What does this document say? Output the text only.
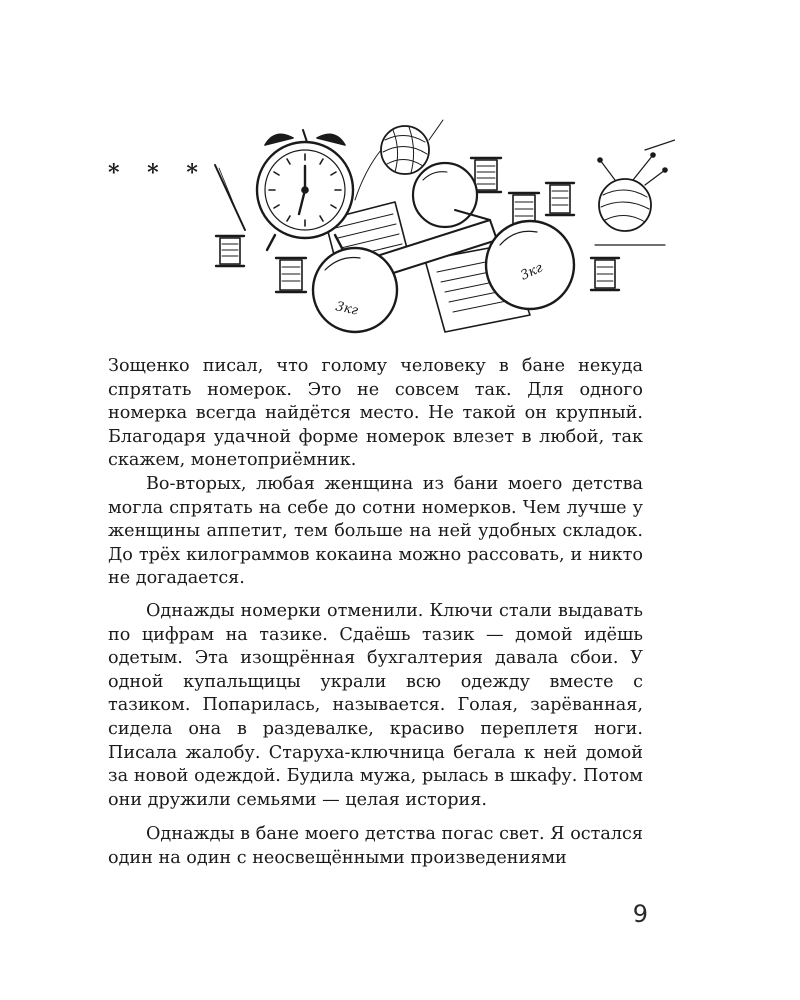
* * *
3кг
3кг

Зощенко писал, что голому человеку в бане некуда спрятать номерок. Это не совсем так. Для одного номерка всегда найдётся место. Не такой он крупный. Благодаря удачной форме номерок влезет в любой, так скажем, монетоприёмник.

Во-вторых, любая женщина из бани моего детства могла спрятать на себе до сотни номерков. Чем лучше у женщины аппетит, тем больше на ней удобных складок. До трёх килограммов кокаина можно рассовать, и никто не догадается.

Однажды номерки отменили. Ключи стали выдавать по цифрам на тазике. Сдаёшь тазик — домой идёшь одетым. Эта изощрённая бухгалтерия давала сбои. У одной купальщицы украли всю одежду вместе с тазиком. Попарилась, называется. Голая, зарёванная, сидела она в раздевалке, красиво переплетя ноги. Писала жалобу. Старуха-ключница бегала к ней домой за новой одеждой. Будила мужа, рылась в шкафу. Потом они дружили семьями — целая история.

Однажды в бане моего детства погас свет. Я остался один на один с неосвещёнными произведениями

9
